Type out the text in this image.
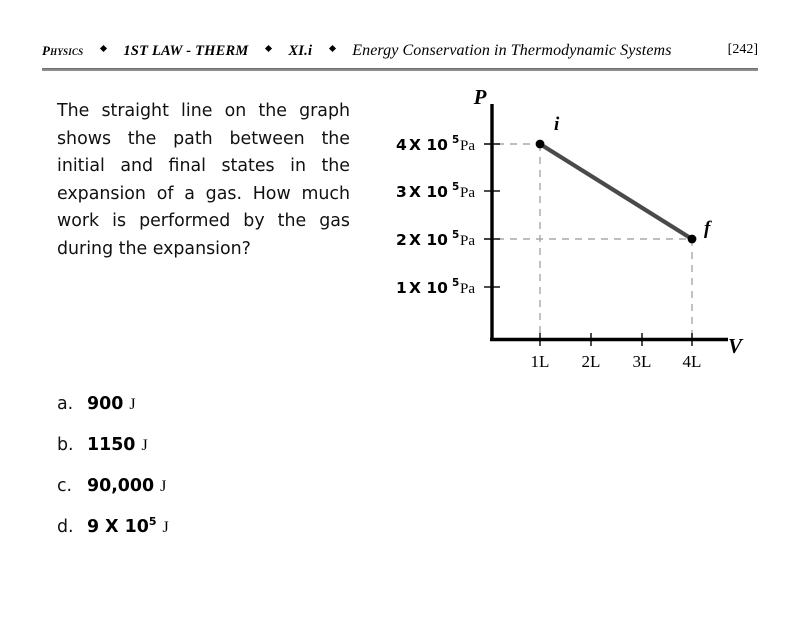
Physics	1ST LAW - THERM	XI.i	Energy Conservation in Thermodynamic Systems	[242]
The straight line on the graph shows the path between the initial and final states in the expansion of a gas. How much work is performed by the gas during the expansion?
4 X 10 5 Pa
3 X 10 5 Pa
2 X 10 5 Pa
1 X 10 5 Pa
1L 2L 3L 4L
P
V
i
f
a. 900 J
b. 1150 J
c. 90,000 J
d. 9 X $10^5$ J
